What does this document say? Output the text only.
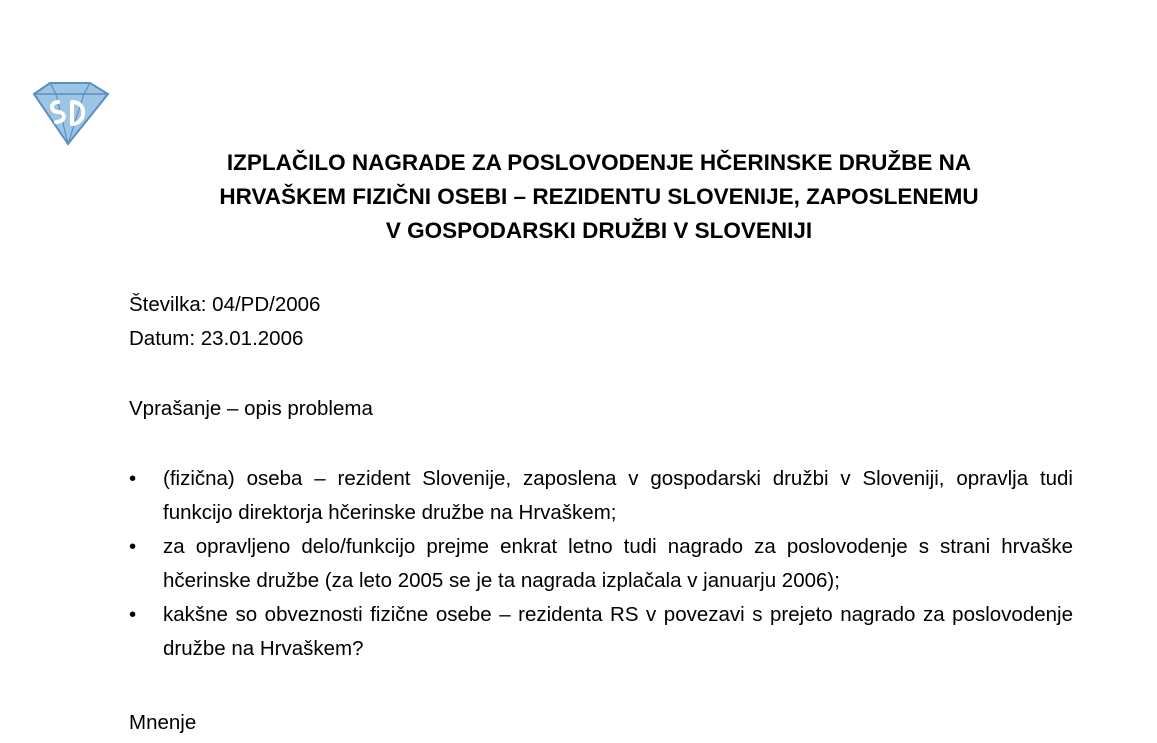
IZPLAČILO NAGRADE ZA POSLOVODENJE HČERINSKE DRUŽBE NA
HRVAŠKEM FIZIČNI OSEBI – REZIDENTU SLOVENIJE, ZAPOSLENEMU
V GOSPODARSKI DRUŽBI V SLOVENIJI
Številka: 04/PD/2006
Datum: 23.01.2006
Vprašanje – opis problema
• (fizična) oseba – rezident Slovenije, zaposlena v gospodarski družbi v Sloveniji, opravlja tudi funkcijo direktorja hčerinske družbe na Hrvaškem;
• za opravljeno delo/funkcijo prejme enkrat letno tudi nagrado za poslovodenje s strani hrvaške hčerinske družbe (za leto 2005 se je ta nagrada izplačala v januarju 2006);
• kakšne so obveznosti fizične osebe – rezidenta RS v povezavi s prejeto nagrado za poslovodenje družbe na Hrvaškem?
Mnenje
